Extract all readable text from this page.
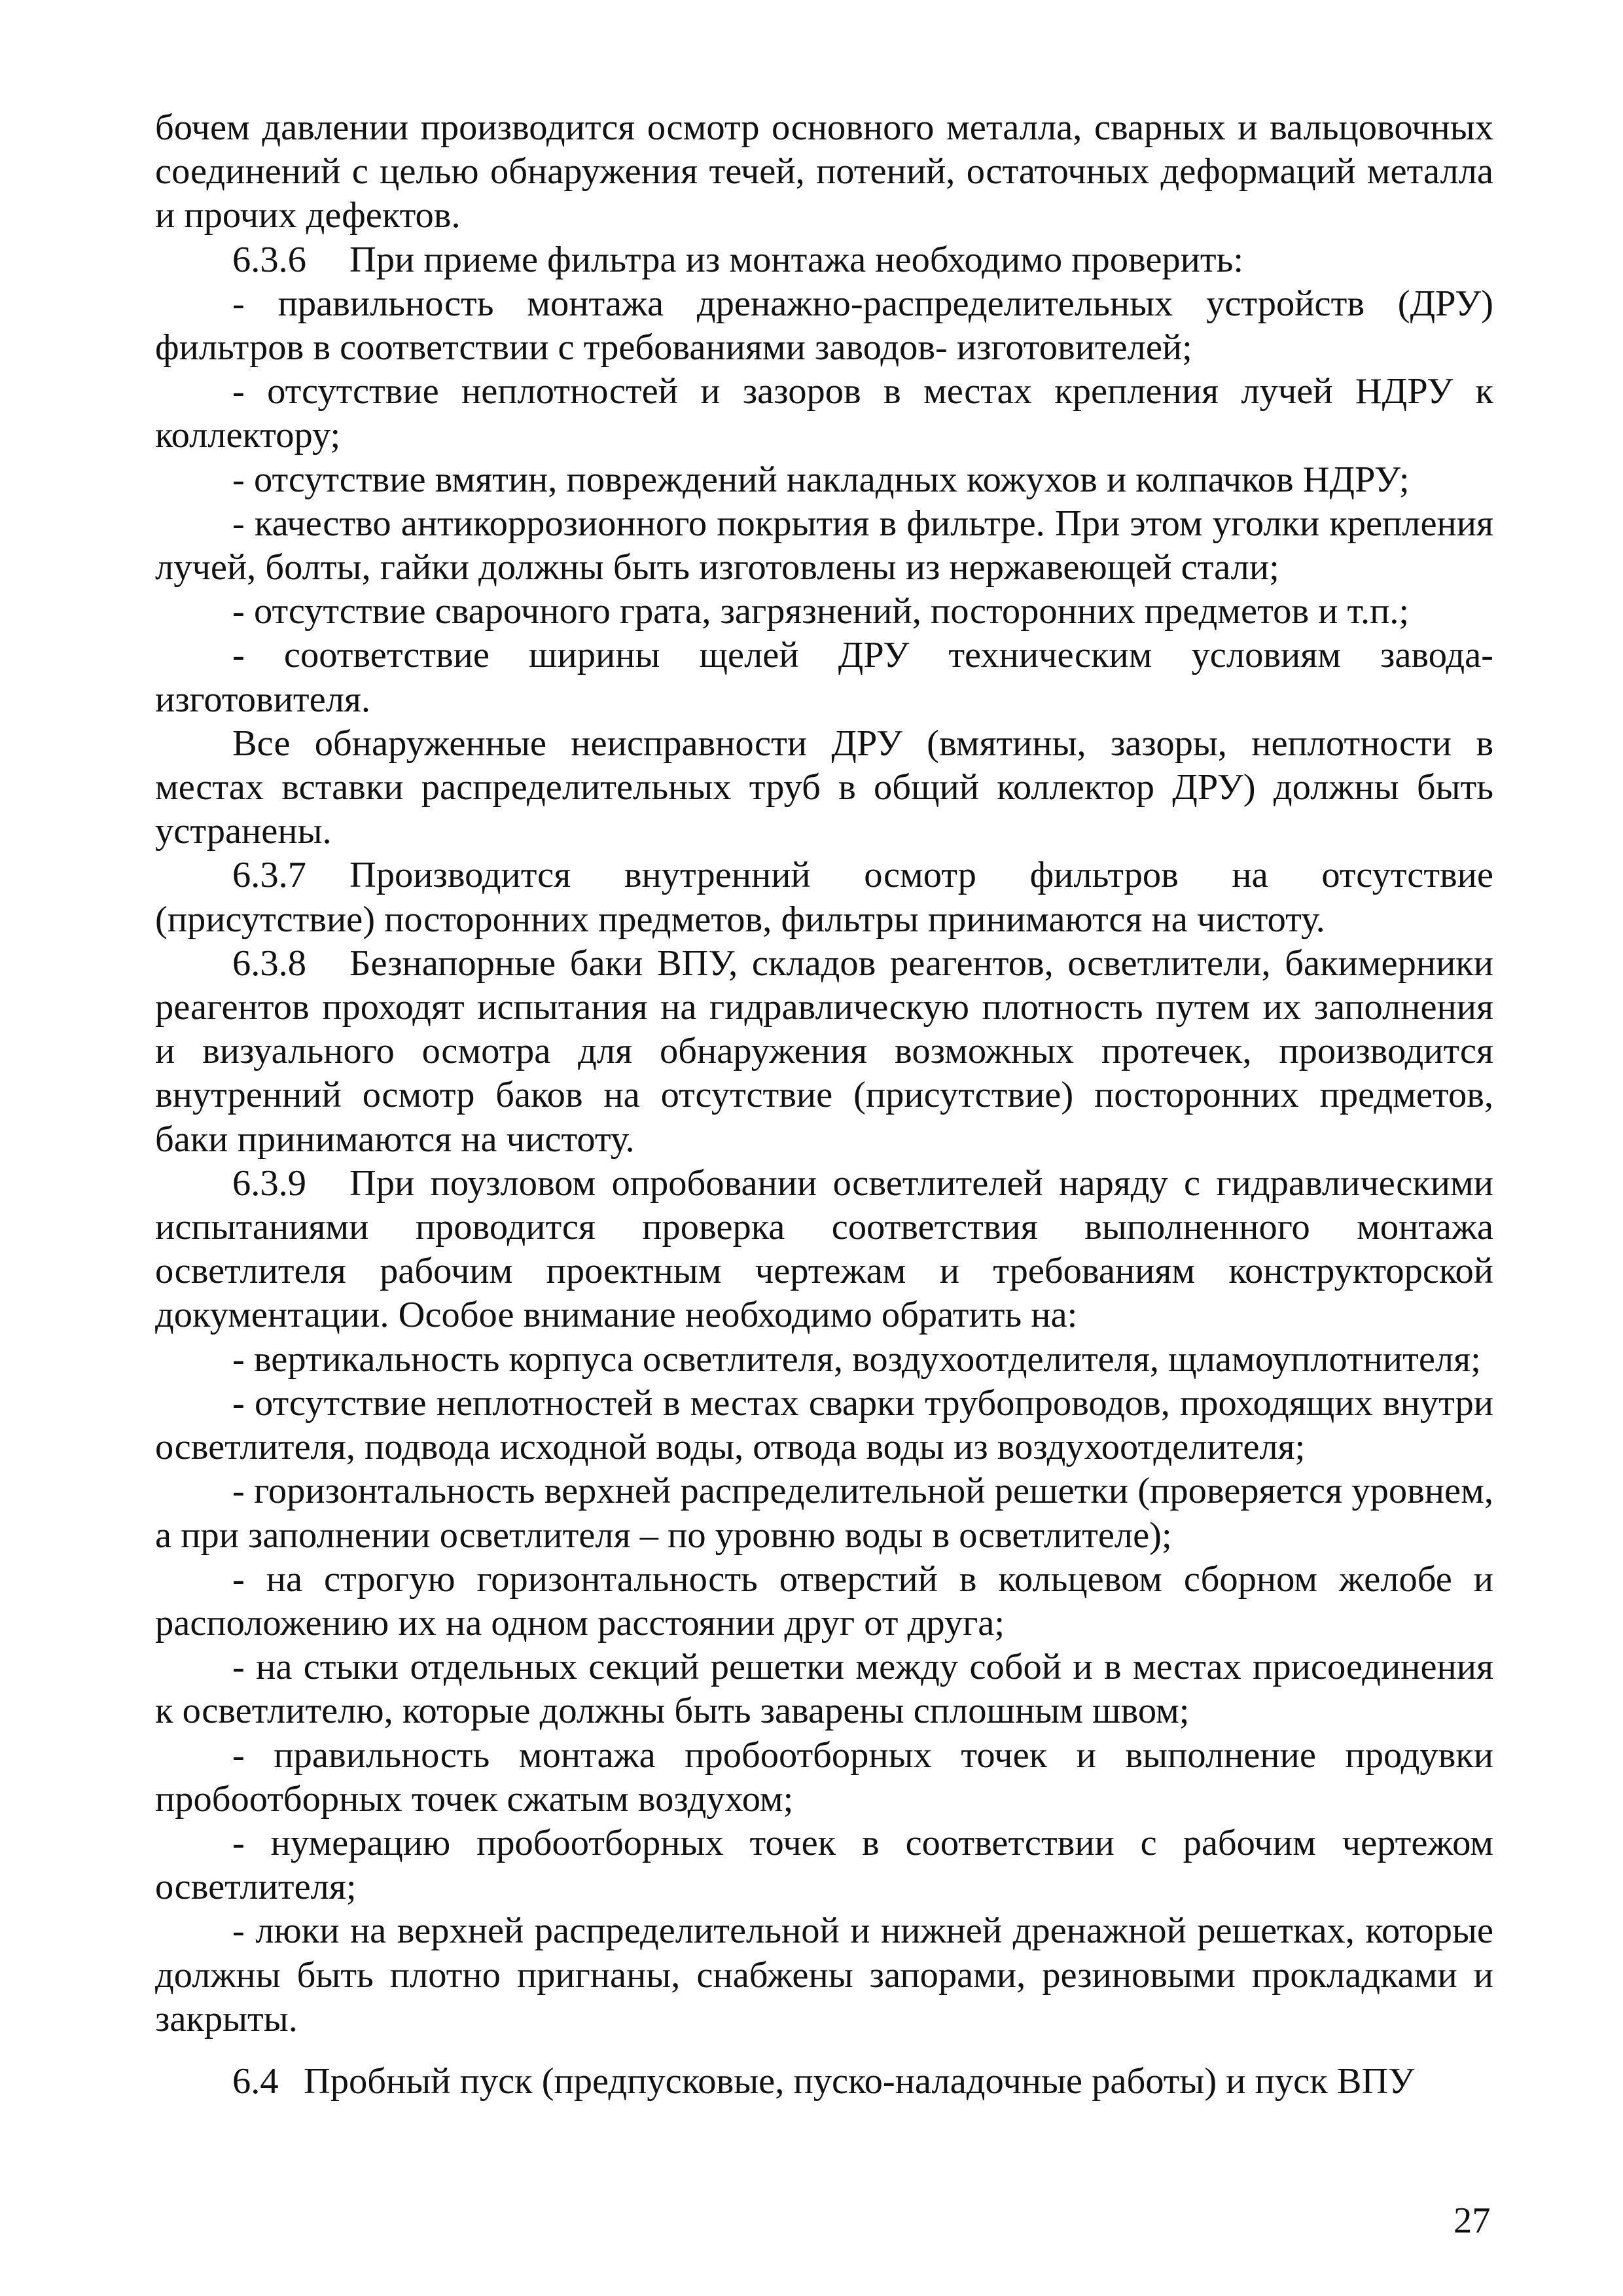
бочем давлении производится осмотр основного металла, сварных и вальцовочных соединений с целью обнаружения течей, потений, остаточных деформаций металла и прочих дефектов.

6.3.6 При приеме фильтра из монтажа необходимо проверить:

- правильность монтажа дренажно-распределительных устройств (ДРУ) фильтров в соответствии с требованиями заводов- изготовителей;

- отсутствие неплотностей и зазоров в местах крепления лучей НДРУ к коллектору;

- отсутствие вмятин, повреждений накладных кожухов и колпачков НДРУ;

- качество антикоррозионного покрытия в фильтре. При этом уголки крепления лучей, болты, гайки должны быть изготовлены из нержавеющей стали;

- отсутствие сварочного грата, загрязнений, посторонних предметов и т.п.;

- соответствие ширины щелей ДРУ техническим условиям завода-изготовителя.

Все обнаруженные неисправности ДРУ (вмятины, зазоры, неплотности в местах вставки распределительных труб в общий коллектор ДРУ) должны быть устранены.

6.3.7 Производится внутренний осмотр фильтров на отсутствие (присутствие) посторонних предметов, фильтры принимаются на чистоту.

6.3.8 Безнапорные баки ВПУ, складов реагентов, осветлители, бакимерники реагентов проходят испытания на гидравлическую плотность путем их заполнения и визуального осмотра для обнаружения возможных протечек, производится внутренний осмотр баков на отсутствие (присутствие) посторонних предметов, баки принимаются на чистоту.

6.3.9 При поузловом опробовании осветлителей наряду с гидравлическими испытаниями проводится проверка соответствия выполненного монтажа осветлителя рабочим проектным чертежам и требованиям конструкторской документации. Особое внимание необходимо обратить на:

- вертикальность корпуса осветлителя, воздухоотделителя, щламоуплотнителя;

- отсутствие неплотностей в местах сварки трубопроводов, проходящих внутри осветлителя, подвода исходной воды, отвода воды из воздухоотделителя;

- горизонтальность верхней распределительной решетки (проверяется уровнем, а при заполнении осветлителя – по уровню воды в осветлителе);

- на строгую горизонтальность отверстий в кольцевом сборном желобе и расположению их на одном расстоянии друг от друга;

- на стыки отдельных секций решетки между собой и в местах присоединения к осветлителю, которые должны быть заварены сплошным швом;

- правильность монтажа пробоотборных точек и выполнение продувки пробоотборных точек сжатым воздухом;

- нумерацию пробоотборных точек в соответствии с рабочим чертежом осветлителя;

- люки на верхней распределительной и нижней дренажной решетках, которые должны быть плотно пригнаны, снабжены запорами, резиновыми прокладками и закрыты.

6.4 Пробный пуск (предпусковые, пуско-наладочные работы) и пуск ВПУ

27
